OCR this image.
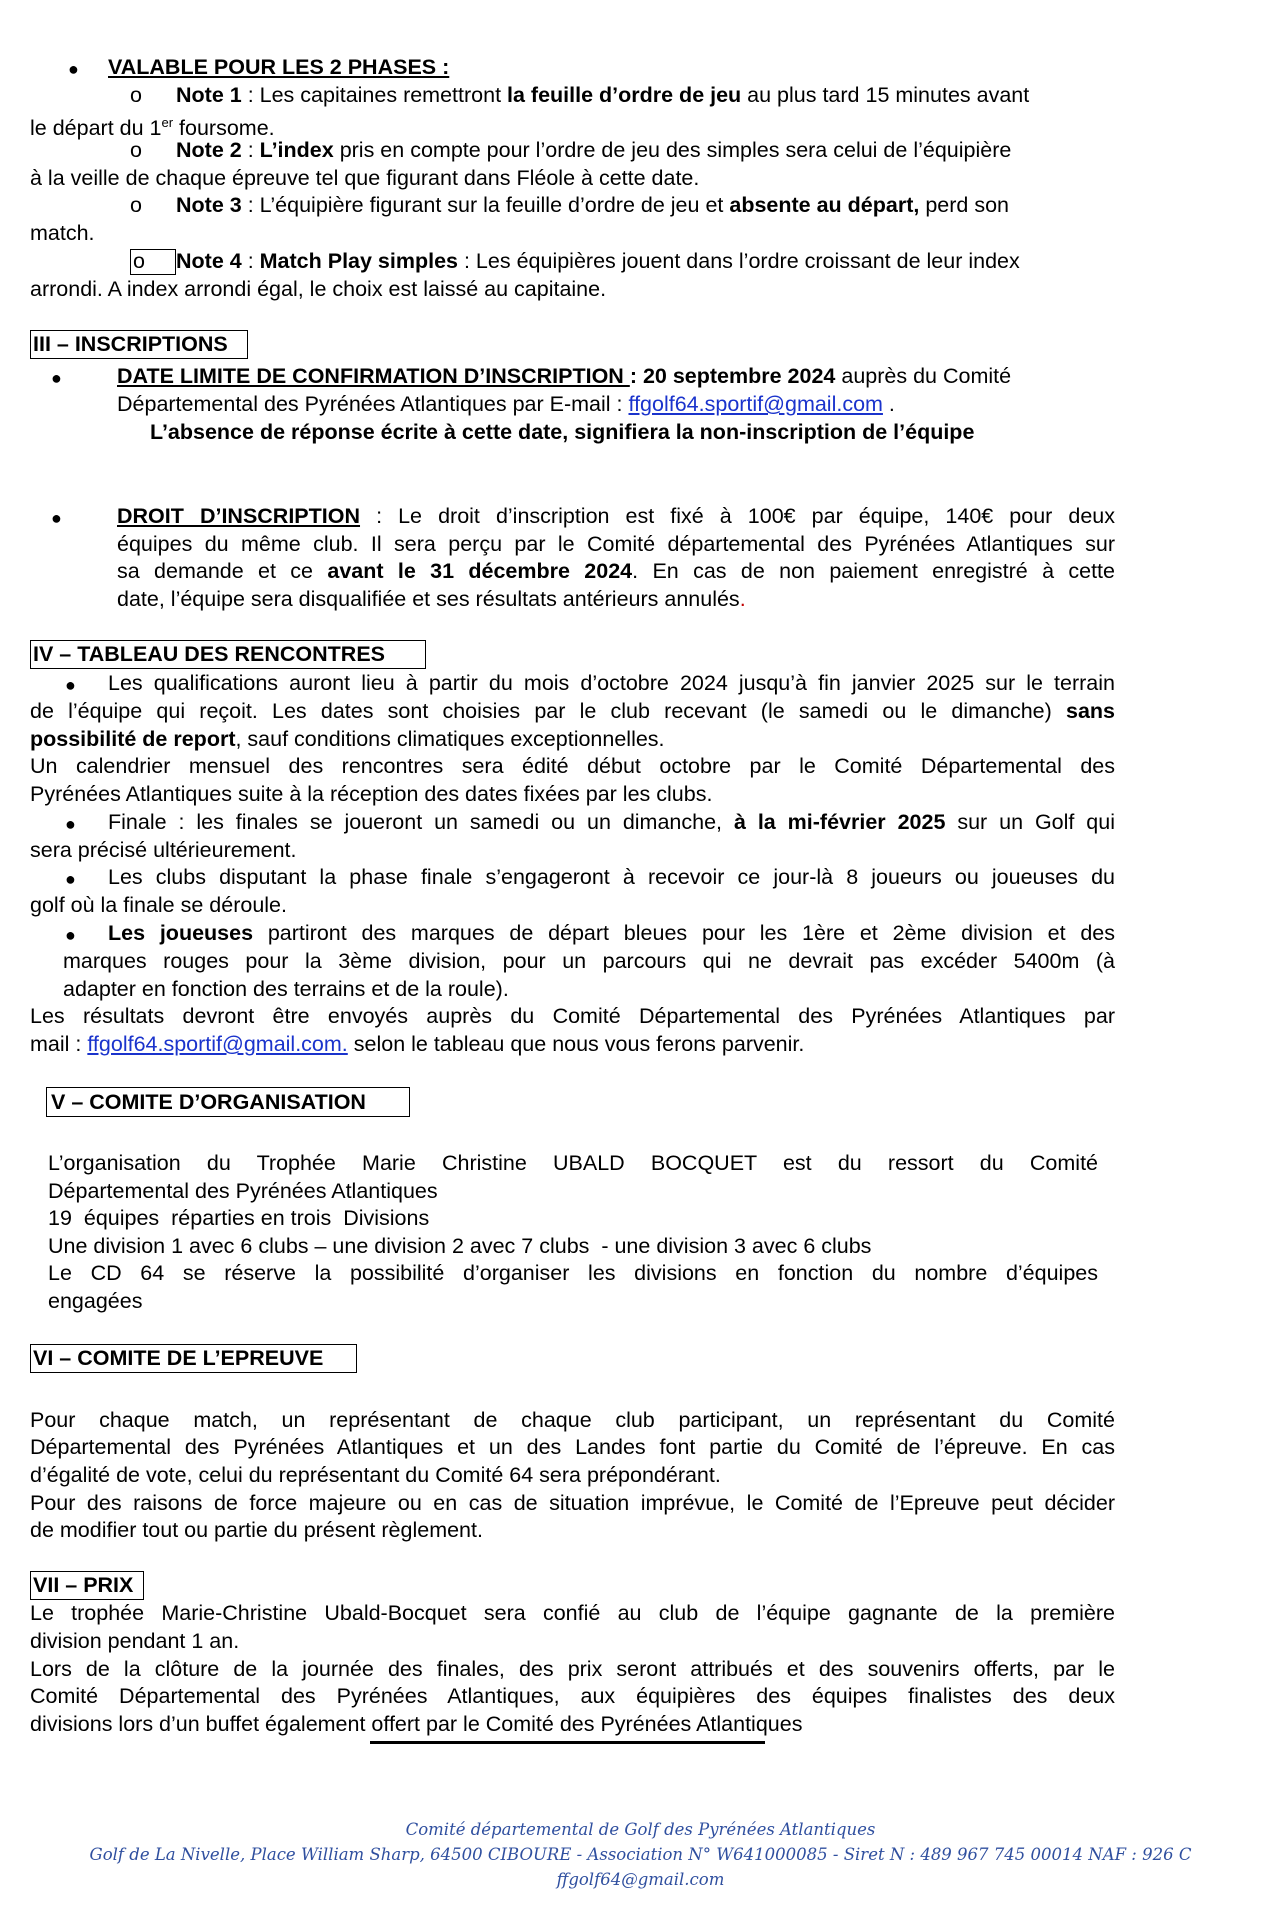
● VALABLE POUR LES 2 PHASES :
o Note 1 : Les capitaines remettront la feuille d’ordre de jeu au plus tard 15 minutes avant
le départ du 1er foursome.
o Note 2 : L’index pris en compte pour l’ordre de jeu des simples sera celui de l’équipière
à la veille de chaque épreuve tel que figurant dans Fléole à cette date.
o Note 3 : L’équipière figurant sur la feuille d’ordre de jeu et absente au départ, perd son
match.
o Note 4 : Match Play simples : Les équipières jouent dans l’ordre croissant de leur index
arrondi. A index arrondi égal, le choix est laissé au capitaine.
III – INSCRIPTIONS
●	DATE LIMITE DE CONFIRMATION D’INSCRIPTION : 20 septembre 2024 auprès du Comité
Départemental des Pyrénées Atlantiques par E-mail : ffgolf64.sportif@gmail.com .
L’absence de réponse écrite à cette date, signifiera la non-inscription de l’équipe
●	DROIT D’INSCRIPTION : Le droit d’inscription est fixé à 100€ par équipe, 140€ pour deux
équipes du même club. Il sera perçu par le Comité départemental des Pyrénées Atlantiques sur
sa demande et ce avant le 31 décembre 2024. En cas de non paiement enregistré à cette
date, l’équipe sera disqualifiée et ses résultats antérieurs annulés.
IV – TABLEAU DES RENCONTRES
● Les qualifications auront lieu à partir du mois d’octobre 2024 jusqu’à fin janvier 2025 sur le terrain
de l’équipe qui reçoit. Les dates sont choisies par le club recevant (le samedi ou le dimanche) sans
possibilité de report, sauf conditions climatiques exceptionnelles.
Un calendrier mensuel des rencontres sera édité début octobre par le Comité Départemental des
Pyrénées Atlantiques suite à la réception des dates fixées par les clubs.
● Finale : les finales se joueront un samedi ou un dimanche, à la mi-février 2025 sur un Golf qui
sera précisé ultérieurement.
● Les clubs disputant la phase finale s’engageront à recevoir ce jour-là 8 joueurs ou joueuses du
golf où la finale se déroule.
● Les joueuses partiront des marques de départ bleues pour les 1ère et 2ème division et des
marques rouges pour la 3ème division, pour un parcours qui ne devrait pas excéder 5400m (à
adapter en fonction des terrains et de la roule).
Les résultats devront être envoyés auprès du Comité Départemental des Pyrénées Atlantiques par
mail : ffgolf64.sportif@gmail.com. selon le tableau que nous vous ferons parvenir.
V – COMITE D’ORGANISATION
L’organisation du Trophée Marie Christine UBALD BOCQUET est du ressort du Comité
Départemental des Pyrénées Atlantiques
19  équipes  réparties en trois  Divisions
Une division 1 avec 6 clubs – une division 2 avec 7 clubs  - une division 3 avec 6 clubs
Le CD 64 se réserve la possibilité d’organiser les divisions en fonction du nombre d’équipes
engagées
VI – COMITE DE L’EPREUVE
Pour chaque match, un représentant de chaque club participant, un représentant du Comité
Départemental des Pyrénées Atlantiques et un des Landes font partie du Comité de l’épreuve. En cas
d’égalité de vote, celui du représentant du Comité 64 sera prépondérant.
Pour des raisons de force majeure ou en cas de situation imprévue, le Comité de l’Epreuve peut décider
de modifier tout ou partie du présent règlement.
VII – PRIX
Le trophée Marie-Christine Ubald-Bocquet sera confié au club de l’équipe gagnante de la première
division pendant 1 an.
Lors de la clôture de la journée des finales, des prix seront attribués et des souvenirs offerts, par le
Comité Départemental des Pyrénées Atlantiques, aux équipières des équipes finalistes des deux
divisions lors d’un buffet également offert par le Comité des Pyrénées Atlantiques
Comité départemental de Golf des Pyrénées Atlantiques
Golf de La Nivelle, Place William Sharp, 64500 CIBOURE - Association N° W641000085 - Siret N : 489 967 745 00014 NAF : 926 C
ffgolf64@gmail.com
